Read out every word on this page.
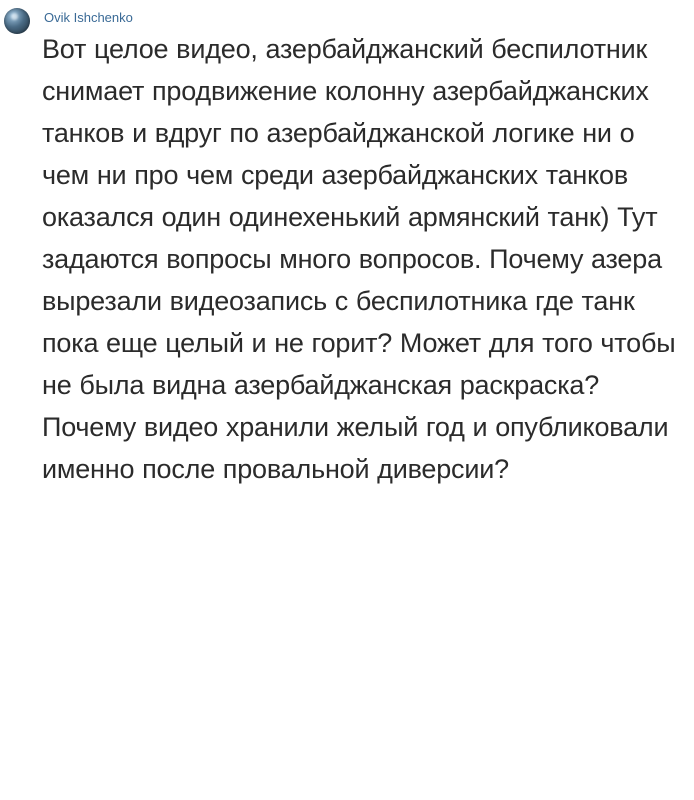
Ovik Ishchenko
Вот целое видео, азербайджанский беспилотник снимает продвижение колонну азербайджанских танков и вдруг по азербайджанской логике ни о чем ни про чем среди азербайджанских танков оказался один одинехенький армянский танк) Тут задаются вопросы много вопросов. Почему азера вырезали видеозапись с беспилотника где танк пока еще целый и не горит? Может для того чтобы не была видна азербайджанская раскраска? Почему видео хранили желый год и опубликовали именно после провальной диверсии?
